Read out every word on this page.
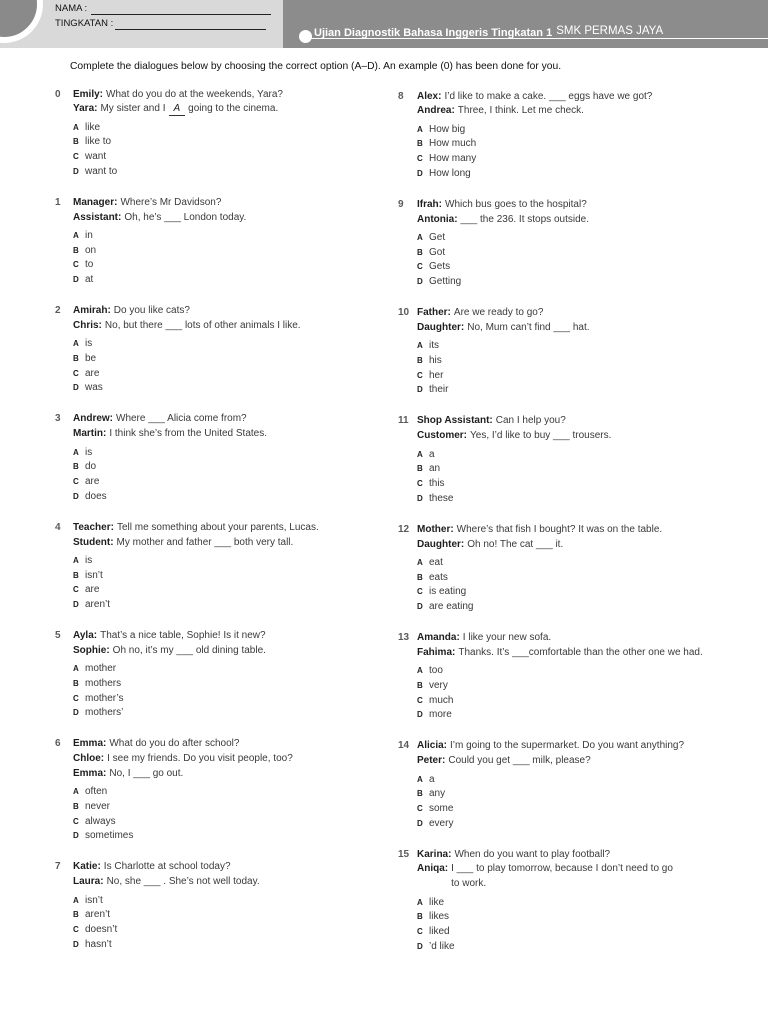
NAMA :
TINGKATAN :
Ujian Diagnostik Bahasa Inggeris Tingkatan 1 SMK PERMAS JAYA
Complete the dialogues below by choosing the correct option (A–D). An example (0) has been done for you.
0 Emily: What do you do at the weekends, Yara?
Yara: My sister and I A going to the cinema.
A like
B like to
C want
D want to
1 Manager: Where’s Mr Davidson?
Assistant: Oh, he’s ___ London today.
A in
B on
C to
D at
2 Amirah: Do you like cats?
Chris: No, but there ___ lots of other animals I like.
A is
B be
C are
D was
3 Andrew: Where ___ Alicia come from?
Martin: I think she’s from the United States.
A is
B do
C are
D does
4 Teacher: Tell me something about your parents, Lucas.
Student: My mother and father ___ both very tall.
A is
B isn’t
C are
D aren’t
5 Ayla: That’s a nice table, Sophie! Is it new?
Sophie: Oh no, it’s my ___ old dining table.
A mother
B mothers
C mother’s
D mothers’
6 Emma: What do you do after school?
Chloe: I see my friends. Do you visit people, too?
Emma: No, I ___ go out.
A often
B never
C always
D sometimes
7 Katie: Is Charlotte at school today?
Laura: No, she ___ . She’s not well today.
A isn’t
B aren’t
C doesn’t
D hasn’t
8 Alex: I’d like to make a cake. ___ eggs have we got?
Andrea: Three, I think. Let me check.
A How big
B How much
C How many
D How long
9 Ifrah: Which bus goes to the hospital?
Antonia: ___ the 236. It stops outside.
A Get
B Got
C Gets
D Getting
10 Father: Are we ready to go?
Daughter: No, Mum can’t find ___ hat.
A its
B his
C her
D their
11 Shop Assistant: Can I help you?
Customer: Yes, I’d like to buy ___ trousers.
A a
B an
C this
D these
12 Mother: Where’s that fish I bought? It was on the table.
Daughter: Oh no! The cat ___ it.
A eat
B eats
C is eating
D are eating
13 Amanda: I like your new sofa.
Fahima: Thanks. It’s ___comfortable than the other one we had.
A too
B very
C much
D more
14 Alicia: I’m going to the supermarket. Do you want anything?
Peter: Could you get ___ milk, please?
A a
B any
C some
D every
15 Karina: When do you want to play football?
Aniqa: I ___ to play tomorrow, because I don’t need to go
to work.
A like
B likes
C liked
D ’d like
